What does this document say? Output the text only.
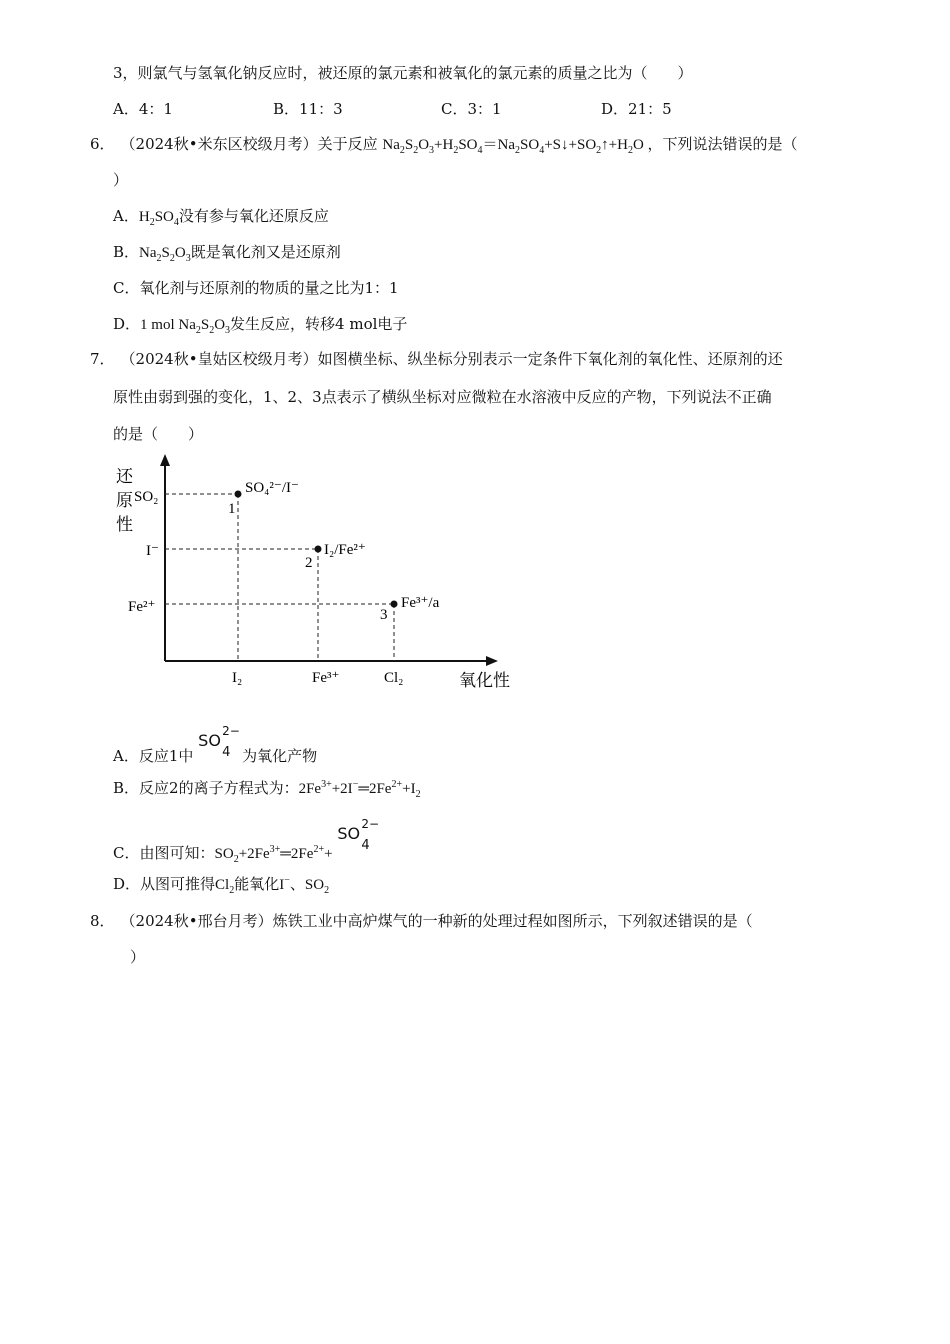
3，则氯气与氢氧化钠反应时，被还原的氯元素和被氧化的氯元素的质量之比为（　　）
A．4：1	B．11：3	C．3：1	D．21：5
6． （2024秋•米东区校级月考）关于反应 $Na_2S_2O_3+H_2SO_4=Na_2SO_4+S↓+SO_2↑+H_2O$ ，下列说法错误的是（
）
A．$H_2SO_4$没有参与氧化还原反应
B．$Na_2S_2O_3$既是氧化剂又是还原剂
C．氧化剂与还原剂的物质的量之比为1：1
D．1 mol $Na_2S_2O_3$发生反应，转移4 mol电子
7． （2024秋•皇姑区校级月考）如图横坐标、纵坐标分别表示一定条件下氧化剂的氧化性、还原剂的还
原性由弱到强的变化，1、2、3点表示了横纵坐标对应微粒在水溶液中反应的产物，下列说法不正确
的是（　　）
还
原
性
SO₂
I⁻
Fe²⁺
I₂	Fe³⁺	Cl₂	氧化性
1
SO₄²⁻/I⁻
2
I₂/Fe²⁺
3
Fe³⁺/a
A．反应1中
SO 2−
4 为氧化产物
B．反应2的离子方程式为：$2Fe^{3+}+2I^-═2Fe^{2+}+I_2$
C．由图可知：$SO_2+2Fe^{3+}═2Fe^{2+}+$
SO 2−
4
D．从图可推得$Cl_2$能氧化I−、$SO_2$
8． （2024秋•邢台月考）炼铁工业中高炉煤气的一种新的处理过程如图所示，下列叙述错误的是（
）
